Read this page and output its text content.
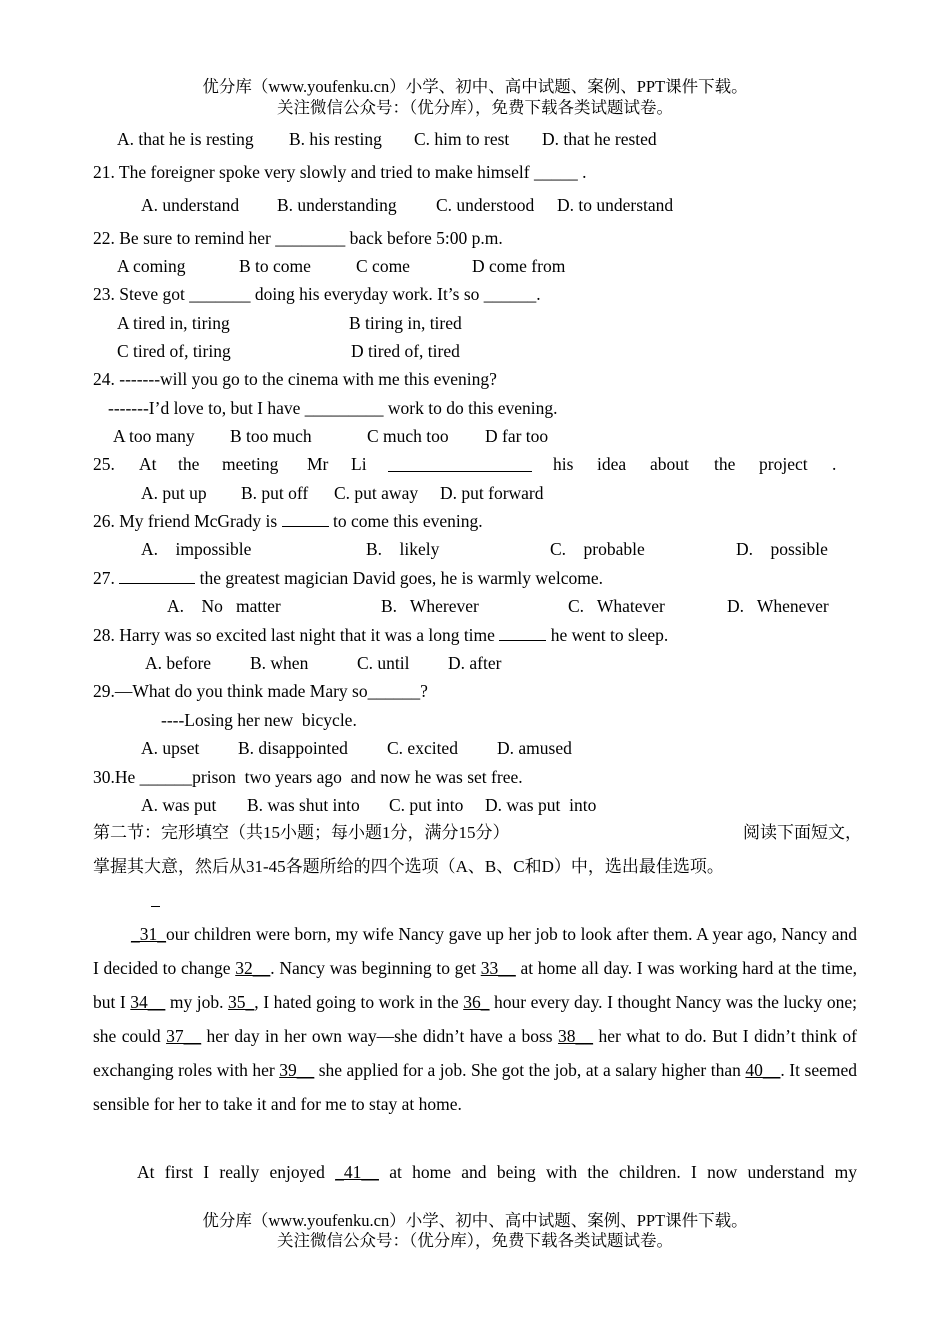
优分库（www.youfenku.cn）小学、初中、高中试题、案例、PPT课件下载。
关注微信公众号：（优分库），免费下载各类试题试卷。
A. that he is resting B. his resting C. him to rest D. that he rested
21. The foreigner spoke very slowly and tried to make himself _____ .
A. understand B. understanding C. understood D. to understand
22. Be sure to remind her ________ back before 5:00 p.m.
A coming	B to come	C come	D come from
23. Steve got _______ doing his everyday work. It’s so ______.
A tired in, tiring	B tiring in, tired
C tired of, tiring	D tired of, tired
24. -------will you go to the cinema with me this evening?
-------I’d love to, but I have _________ work to do this evening.
A too many B too much	C much too D far too
25. At the meeting Mr Li	his idea about the project .
A. put up B. put off C. put away D. put forward
26. My friend McGrady is	to come this evening.
A.    impossible	B.    likely	C.    probable	D.    possible
27.	the greatest magician David goes, he is warmly welcome.
A.    No   matter	B.   Wherever	C.   Whatever	D.   Whenever
28. Harry was so excited last night that it was a long time	he went to sleep.
A. before B. when	C. until D. after
29.—What do you think made Mary so______?
----Losing her new  bicycle.
A. upset B. disappointed C. excited D. amused
30.He ______prison  two years ago  and now he was set free.
A. was put B. was shut into C. put into D. was put  into
第二节：完形填空（共15小题；每小题1分，满分15分）	阅读下面短文，
掌握其大意，然后从31-45各题所给的四个选项（A、B、C和D）中，选出最佳选项。
_31_our children were born, my wife Nancy gave up her job to look after them. A year ago, Nancy and I decided to change 32__. Nancy was beginning to get 33__ at home all day. I was working hard at the time, but I 34__ my job. 35_, I hated going to work in the 36_ hour every day. I thought Nancy was the lucky one; she could 37__ her day in her own way—she didn’t have a boss 38__ her what to do. But I didn’t think of exchanging roles with her 39__ she applied for a job. She got the job, at a salary higher than 40__. It seemed sensible for her to take it and for me to stay at home.
At first I really enjoyed _41__ at home and being with the children. I now understand my
优分库（www.youfenku.cn）小学、初中、高中试题、案例、PPT课件下载。
关注微信公众号：（优分库），免费下载各类试题试卷。
